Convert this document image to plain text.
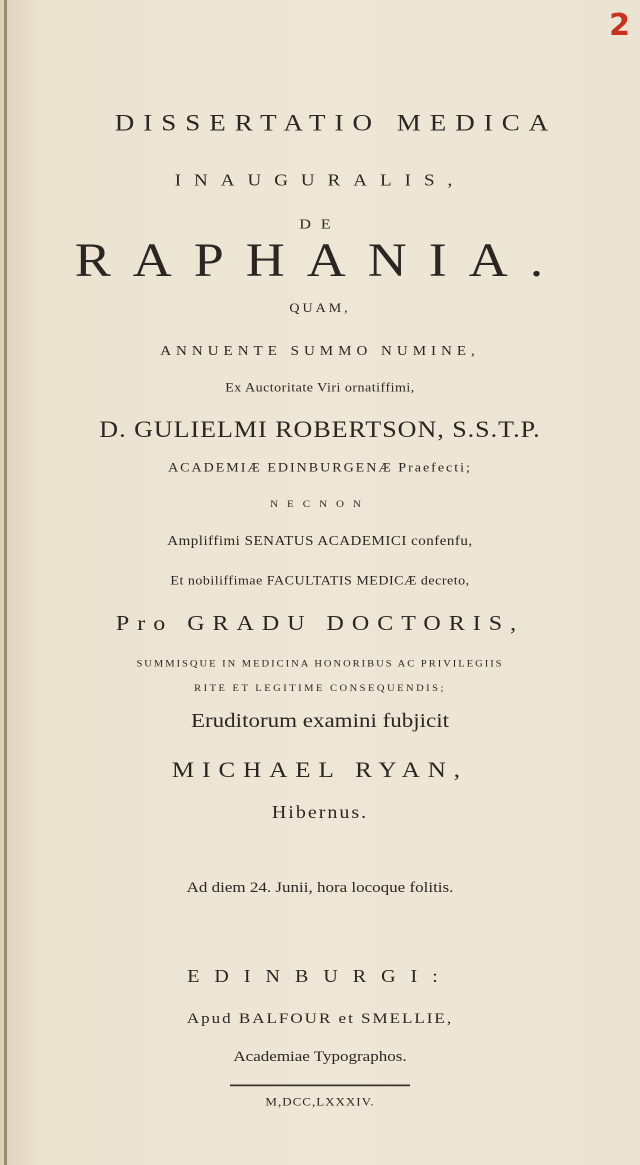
2
DISSERTATIO MEDICA
INAUGURALIS,
DE
RAPHANIA.
QUAM,
ANNUENTE SUMMO NUMINE,
Ex Auctoritate Viri ornatiffimi,
D. GULIELMI ROBERTSON, S.S.T.P.
ACADEMIÆ EDINBURGENÆ Praefecti;
NECNON
Ampliffimi SENATUS ACADEMICI confenfu,
Et nobiliffimae FACULTATIS MEDICÆ decreto,
Pro GRADU DOCTORIS,
SUMMISQUE IN MEDICINA HONORIBUS AC PRIVILEGIIS
RITE ET LEGITIME CONSEQUENDIS;
Eruditorum examini fubjicit
MICHAEL RYAN,
Hibernus.
Ad diem 24. Junii, hora locoque folitis.
EDINBURGI:
Apud BALFOUR et SMELLIE,
Academiae Typographos.
M,DCC,LXXXIV.
